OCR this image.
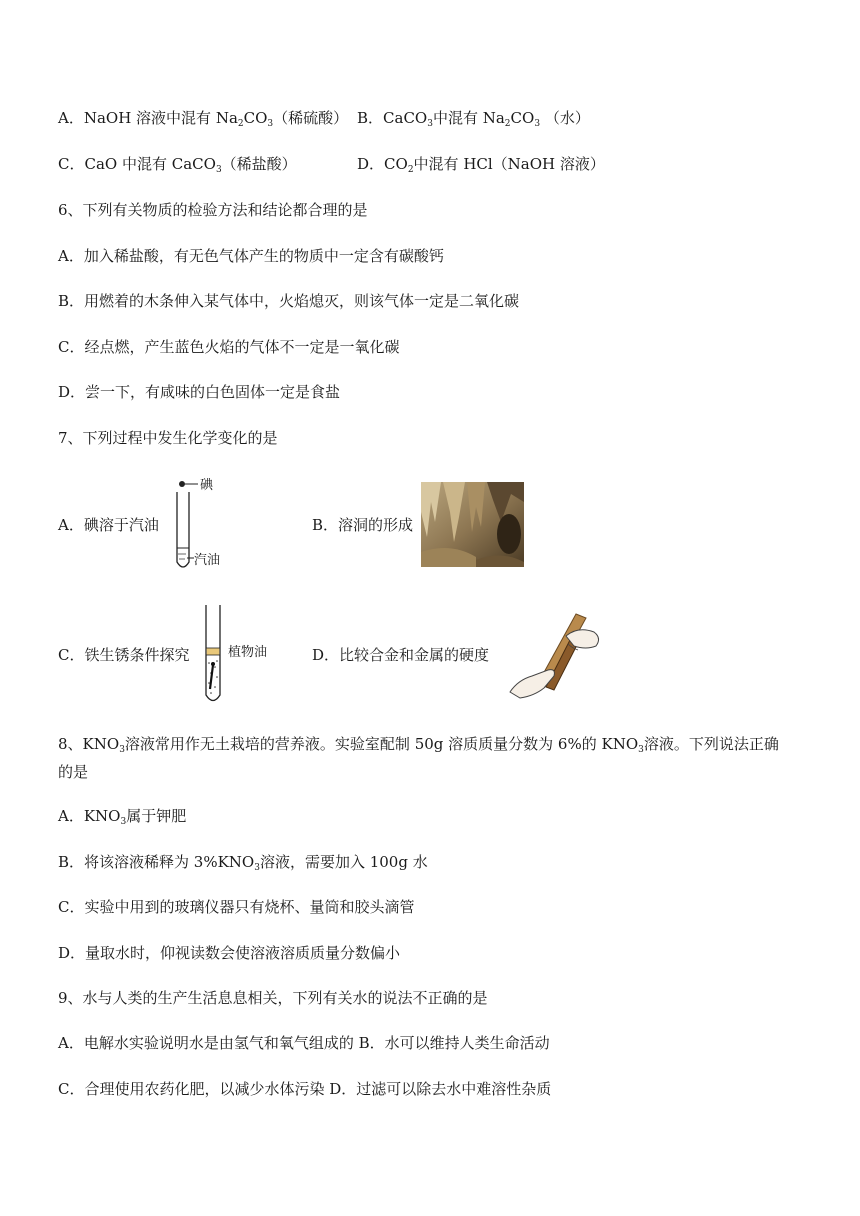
A．NaOH 溶液中混有 $Na_2CO_3$（稀硫酸） B．CaCO$_3$中混有 $Na_2CO_3$ （水）
C．CaO 中混有 CaCO$_3$（稀盐酸）	D．$CO_2$中混有 HCl（NaOH 溶液）
6、下列有关物质的检验方法和结论都合理的是
A．加入稀盐酸，有无色气体产生的物质中一定含有碳酸钙
B．用燃着的木条伸入某气体中，火焰熄灭，则该气体一定是二氧化碳
C．经点燃，产生蓝色火焰的气体不一定是一氧化碳
D．尝一下，有咸味的白色固体一定是食盐
7、下列过程中发生化学变化的是
A．碘溶于汽油
碘
汽油
B．溶洞的形成
C．铁生锈条件探究	植物油	D．比较合金和金属的硬度
8、$KNO_3$溶液常用作无土栽培的营养液。实验室配制 50g 溶质质量分数为 6%的 $KNO_3$溶液。下列说法正确
的是
A．$KNO_3$属于钾肥
B．将该溶液稀释为 $3\%KNO_3$溶液，需要加入 100g 水
C．实验中用到的玻璃仪器只有烧杯、量筒和胶头滴管
D．量取水时，仰视读数会使溶液溶质质量分数偏小
9、水与人类的生产生活息息相关，下列有关水的说法不正确的是
A．电解水实验说明水是由氢气和氧气组成的 B．水可以维持人类生命活动
C．合理使用农药化肥，以减少水体污染 D．过滤可以除去水中难溶性杂质
